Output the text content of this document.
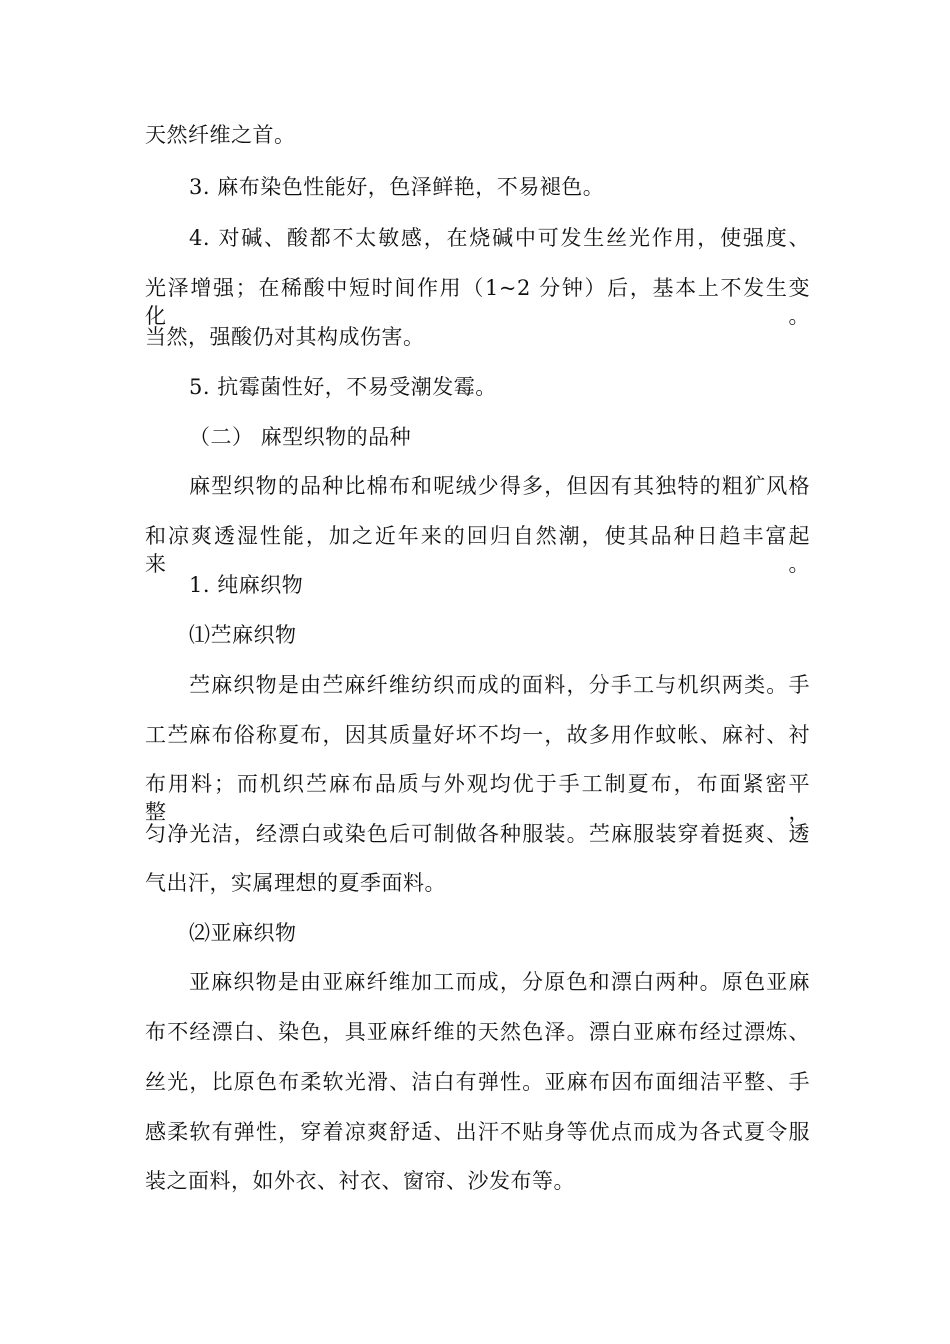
天然纤维之首。
3. 麻布染色性能好，色泽鲜艳，不易褪色。
4. 对碱、酸都不太敏感，在烧碱中可发生丝光作用，使强度、
光泽增强；在稀酸中短时间作用（1~2 分钟）后，基本上不发生变化。
当然，强酸仍对其构成伤害。
5. 抗霉菌性好，不易受潮发霉。
（二） 麻型织物的品种
麻型织物的品种比棉布和呢绒少得多，但因有其独特的粗犷风格
和凉爽透湿性能，加之近年来的回归自然潮，使其品种日趋丰富起来。
1. 纯麻织物
⑴苎麻织物
苎麻织物是由苎麻纤维纺织而成的面料，分手工与机织两类。手
工苎麻布俗称夏布，因其质量好坏不均一，故多用作蚊帐、麻衬、衬
布用料；而机织苎麻布品质与外观均优于手工制夏布，布面紧密平整，
匀净光洁，经漂白或染色后可制做各种服装。苎麻服装穿着挺爽、透
气出汗，实属理想的夏季面料。
⑵亚麻织物
亚麻织物是由亚麻纤维加工而成，分原色和漂白两种。原色亚麻
布不经漂白、染色，具亚麻纤维的天然色泽。漂白亚麻布经过漂炼、
丝光，比原色布柔软光滑、洁白有弹性。亚麻布因布面细洁平整、手
感柔软有弹性，穿着凉爽舒适、出汗不贴身等优点而成为各式夏令服
装之面料，如外衣、衬衣、窗帘、沙发布等。
